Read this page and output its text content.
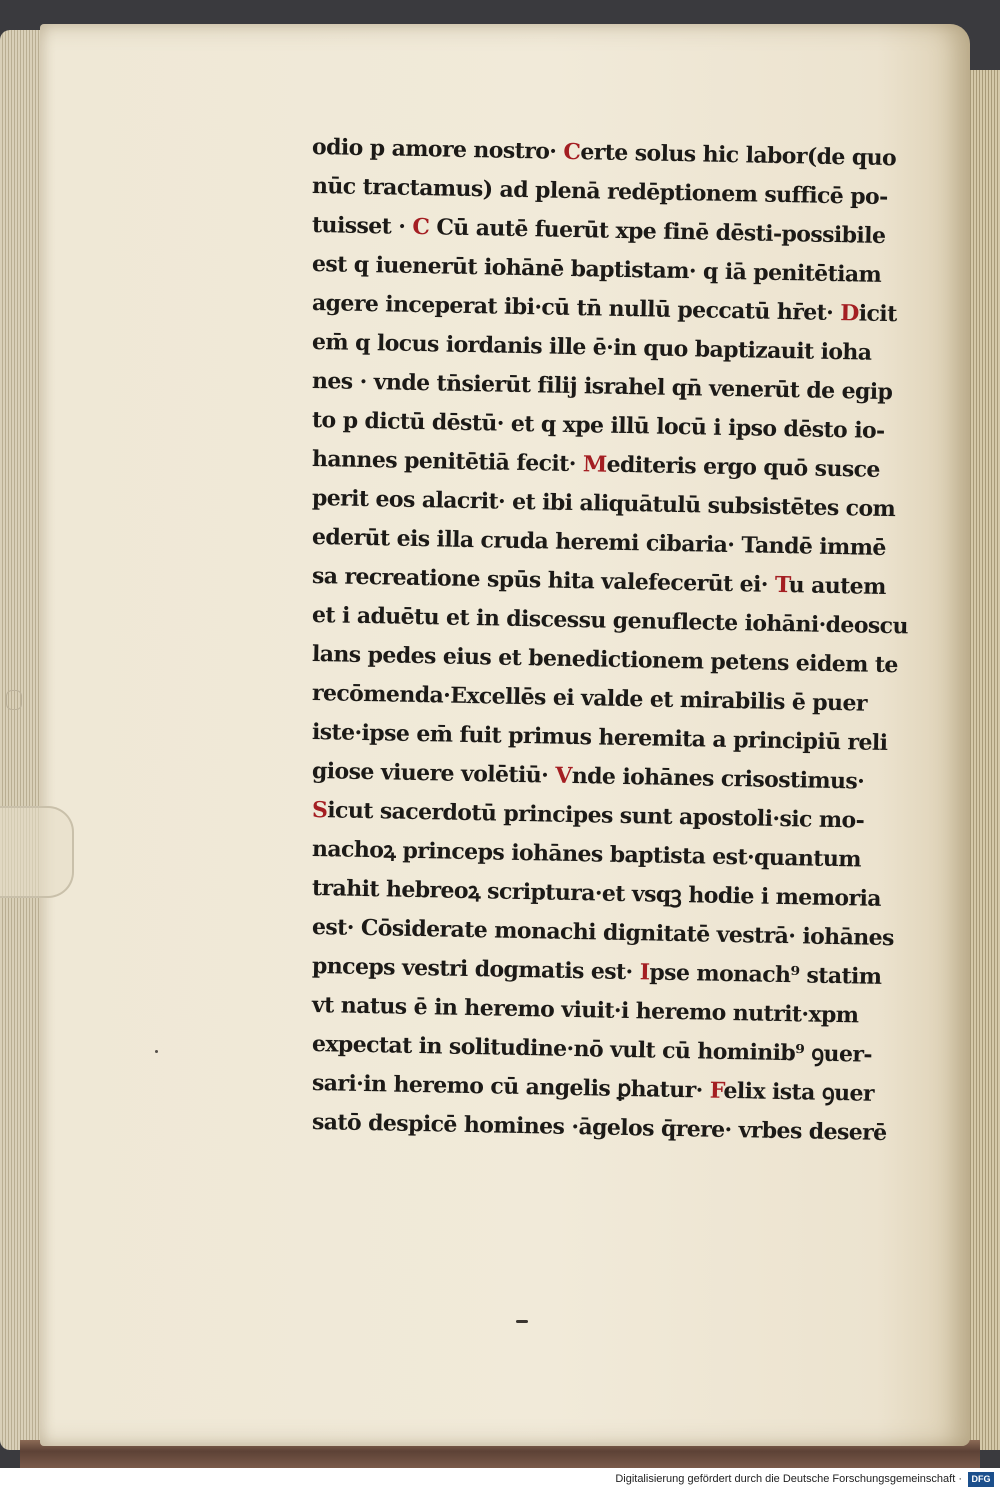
odio p amore nostro· Certe solus hic labor(de quo
nūc tractamus) ad plenā redēptionem sufficē po-
tuisset · C Cū autē fuerūt xpe finē dēsti-possibile
est q iuenerūt iohānē baptistam· q iā penitētiam
agere inceperat ibi·cū tn̄ nullū peccatū hr̄et· Dicit
em̄ q locus iordanis ille ē·in quo baptizauit ioha
nes · vnde tn̄sierūt filij israhel qn̄ venerūt de egip
to p dictū dēstū· et q xpe illū locū i ipso dēsto io-
hannes penitētiā fecit· Mediteris ergo quō susce
perit eos alacrit· et ibi aliquātulū subsistētes com
ederūt eis illa cruda heremi cibaria· Tandē immē
sa recreatione spūs hita valefecerūt ei· Tu autem
et i aduētu et in discessu genuflecte iohāni·deoscu
lans pedes eius et benedictionem petens eidem te
recōmenda·Excellēs ei valde et mirabilis ē puer
iste·ipse em̄ fuit primus heremita a principiū reli
giose viuere volētiū· Vnde iohānes crisostimus·
Sicut sacerdotū principes sunt apostoli·sic mo-
nachoꝝ princeps iohānes baptista est·quantum
trahit hebreoꝝ scriptura·et vsqꝫ hodie i memoria
est· Cōsiderate monachi dignitatē vestrā· iohānes
pnceps vestri dogmatis est· Ipse monach⁹ statim
vt natus ē in heremo viuit·i heremo nutrit·xpm
expectat in solitudine·nō vult cū hominib⁹ ꝯuer-
sari·in heremo cū angelis ꝑhatur· Felix ista ꝯuer
satō despicē homines ·āgelos q̄rere· vrbes deserē
Digitalisierung gefördert durch die Deutsche Forschungsgemeinschaft ·	DFG
